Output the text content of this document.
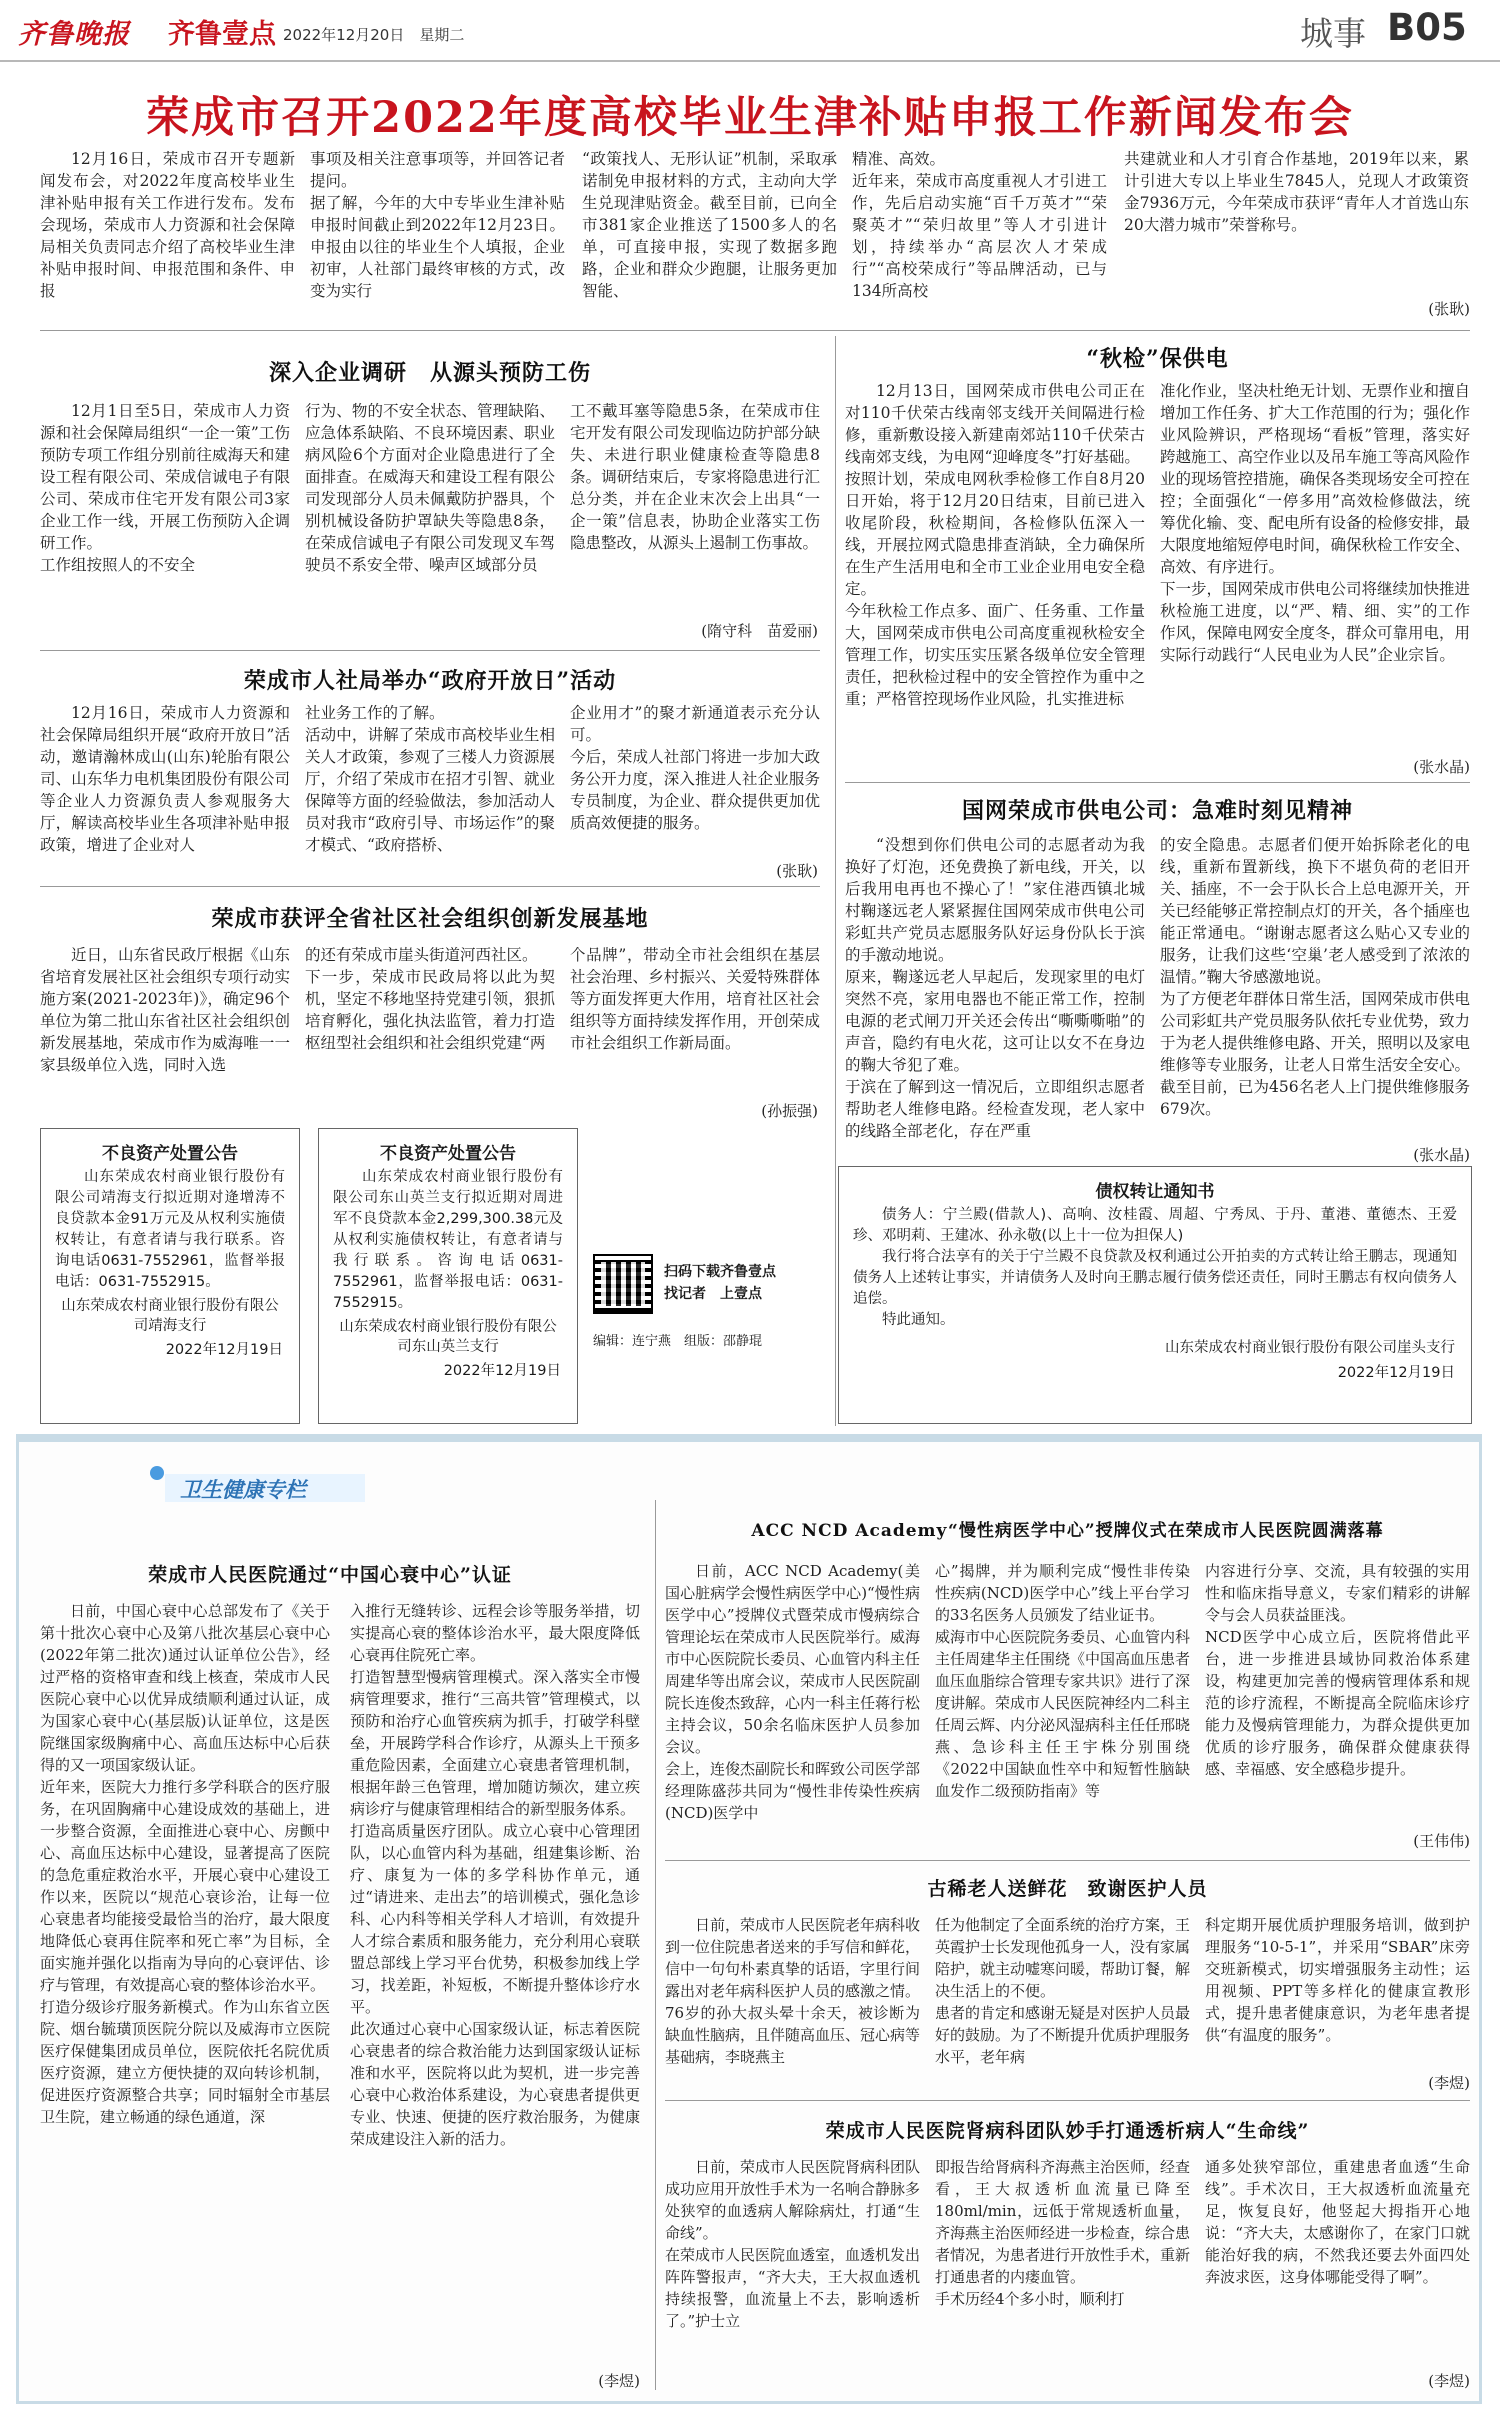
齐鲁晚报 齐鲁壹点 2022年12月20日　星期二	城事 B05
荣成市召开2022年度高校毕业生津补贴申报工作新闻发布会

12月16日，荣成市召开专题新闻发布会，对2022年度高校毕业生津补贴申报有关工作进行发布。发布会现场，荣成市人力资源和社会保障局相关负责同志介绍了高校毕业生津补贴申报时间、申报范围和条件、申报

事项及相关注意事项等，并回答记者提问。
据了解，今年的大中专毕业生津补贴申报时间截止到2022年12月23日。申报由以往的毕业生个人填报，企业初审，人社部门最终审核的方式，改变为实行

“政策找人、无形认证”机制，采取承诺制免申报材料的方式，主动向大学生兑现津贴资金。截至目前，已向全市381家企业推送了1500多人的名单，可直接申报，实现了数据多跑路，企业和群众少跑腿，让服务更加智能、

精准、高效。
近年来，荣成市高度重视人才引进工作，先后启动实施“百千万英才”“荣聚英才”“荣归故里”等人才引进计划，持续举办“高层次人才荣成行”“高校荣成行”等品牌活动，已与134所高校

共建就业和人才引育合作基地，2019年以来，累计引进大专以上毕业生7845人，兑现人才政策资金7936万元，今年荣成市获评“青年人才首选山东20大潜力城市”荣誉称号。

(张耿)
深入企业调研　从源头预防工伤

12月1日至5日，荣成市人力资源和社会保障局组织“一企一策”工伤预防专项工作组分别前往威海天和建设工程有限公司、荣成信诚电子有限公司、荣成市住宅开发有限公司3家企业工作一线，开展工伤预防入企调研工作。
工作组按照人的不安全

行为、物的不安全状态、管理缺陷、应急体系缺陷、不良环境因素、职业病风险6个方面对企业隐患进行了全面排查。在威海天和建设工程有限公司发现部分人员未佩戴防护器具，个别机械设备防护罩缺失等隐患8条，在荣成信诚电子有限公司发现叉车驾驶员不系安全带、噪声区域部分员

工不戴耳塞等隐患5条，在荣成市住宅开发有限公司发现临边防护部分缺失、未进行职业健康检查等隐患8条。调研结束后，专家将隐患进行汇总分类，并在企业末次会上出具“一企一策”信息表，协助企业落实工伤隐患整改，从源头上遏制工伤事故。

(隋守科　苗爱丽)
荣成市人社局举办“政府开放日”活动

12月16日，荣成市人力资源和社会保障局组织开展“政府开放日”活动，邀请瀚林成山(山东)轮胎有限公司、山东华力电机集团股份有限公司等企业人力资源负责人参观服务大厅，解读高校毕业生各项津补贴申报政策，增进了企业对人

社业务工作的了解。
活动中，讲解了荣成市高校毕业生相关人才政策，参观了三楼人力资源展厅，介绍了荣成市在招才引智、就业保障等方面的经验做法，参加活动人员对我市“政府引导、市场运作”的聚才模式、“政府搭桥、

企业用才”的聚才新通道表示充分认可。
今后，荣成人社部门将进一步加大政务公开力度，深入推进人社企业服务专员制度，为企业、群众提供更加优质高效便捷的服务。

(张耿)
荣成市获评全省社区社会组织创新发展基地

近日，山东省民政厅根据《山东省培育发展社区社会组织专项行动实施方案(2021-2023年)》，确定96个单位为第二批山东省社区社会组织创新发展基地，荣成市作为威海唯一一家县级单位入选，同时入选

的还有荣成市崖头街道河西社区。
下一步，荣成市民政局将以此为契机，坚定不移地坚持党建引领，狠抓培育孵化，强化执法监管，着力打造枢纽型社会组织和社会组织党建“两

个品牌”，带动全市社会组织在基层社会治理、乡村振兴、关爱特殊群体等方面发挥更大作用，培育社区社会组织等方面持续发挥作用，开创荣成市社会组织工作新局面。

(孙振强)
不良资产处置公告

山东荣成农村商业银行股份有限公司靖海支行拟近期对逄增涛不良贷款本金91万元及从权利实施债权转让，有意者请与我行联系。咨询电话0631-7552961，监督举报电话：0631-7552915。

山东荣成农村商业银行股份有限公司靖海支行
2022年12月19日
不良资产处置公告

山东荣成农村商业银行股份有限公司东山英兰支行拟近期对周进军不良贷款本金2,299,300.38元及从权利实施债权转让，有意者请与我行联系。咨询电话0631-7552961，监督举报电话：0631-7552915。

山东荣成农村商业银行股份有限公司东山英兰支行
2022年12月19日
扫码下载齐鲁壹点
找记者　上壹点
编辑：连宁燕　组版：邵静琨
“秋检”保供电

12月13日，国网荣成市供电公司正在对110千伏荣古线南邻支线开关间隔进行检修，重新敷设接入新建南郊站110千伏荣古线南郊支线，为电网“迎峰度冬”打好基础。
按照计划，荣成电网秋季检修工作自8月20日开始，将于12月20日结束，目前已进入收尾阶段，秋检期间，各检修队伍深入一线，开展拉网式隐患排查消缺，全力确保所在生产生活用电和全市工业企业用电安全稳定。
今年秋检工作点多、面广、任务重、工作量大，国网荣成市供电公司高度重视秋检安全管理工作，切实压实压紧各级单位安全管理责任，把秋检过程中的安全管控作为重中之重；严格管控现场作业风险，扎实推进标

准化作业，坚决杜绝无计划、无票作业和擅自增加工作任务、扩大工作范围的行为；强化作业风险辨识，严格现场“看板”管理，落实好跨越施工、高空作业以及吊车施工等高风险作业的现场管控措施，确保各类现场安全可控在控；全面强化“一停多用”高效检修做法，统筹优化输、变、配电所有设备的检修安排，最大限度地缩短停电时间，确保秋检工作安全、高效、有序进行。
下一步，国网荣成市供电公司将继续加快推进秋检施工进度，以“严、精、细、实”的工作作风，保障电网安全度冬，群众可靠用电，用实际行动践行“人民电业为人民”企业宗旨。

(张水晶)
国网荣成市供电公司：急难时刻见精神

“没想到你们供电公司的志愿者动为我换好了灯泡，还免费换了新电线，开关，以后我用电再也不操心了！”家住港西镇北城村鞠遂远老人紧紧握住国网荣成市供电公司彩虹共产党员志愿服务队好运身份队长于滨的手激动地说。
原来，鞠遂远老人早起后，发现家里的电灯突然不亮，家用电器也不能正常工作，控制电源的老式闸刀开关还会传出“嘶嘶嘶啪”的声音，隐约有电火花，这可让以女不在身边的鞠大爷犯了难。
于滨在了解到这一情况后，立即组织志愿者帮助老人维修电路。经检查发现，老人家中的线路全部老化，存在严重

的安全隐患。志愿者们便开始拆除老化的电线，重新布置新线，换下不堪负荷的老旧开关、插座，不一会于队长合上总电源开关，开关已经能够正常控制点灯的开关，各个插座也能正常通电。“谢谢志愿者这么贴心又专业的服务，让我们这些‘空巢’老人感受到了浓浓的温情。”鞠大爷感激地说。
为了方便老年群体日常生活，国网荣成市供电公司彩虹共产党员服务队依托专业优势，致力于为老人提供维修电路、开关，照明以及家电维修等专业服务，让老人日常生活安全安心。截至目前，已为456名老人上门提供维修服务679次。

(张水晶)
债权转让通知书

债务人：宁兰殿(借款人)、高响、汝桂霞、周超、宁秀凤、于丹、董港、董德杰、王爱珍、邓明莉、王建冰、孙永敬(以上十一位为担保人)

我行将合法享有的关于宁兰殿不良贷款及权利通过公开拍卖的方式转让给王鹏志，现通知债务人上述转让事实，并请债务人及时向王鹏志履行债务偿还责任，同时王鹏志有权向债务人追偿。

特此通知。

山东荣成农村商业银行股份有限公司崖头支行
2022年12月19日
卫生健康专栏
荣成市人民医院通过“中国心衰中心”认证

日前，中国心衰中心总部发布了《关于第十批次心衰中心及第八批次基层心衰中心(2022年第二批次)通过认证单位公告》，经过严格的资格审查和线上核查，荣成市人民医院心衰中心以优异成绩顺利通过认证，成为国家心衰中心(基层版)认证单位，这是医院继国家级胸痛中心、高血压达标中心后获得的又一项国家级认证。
近年来，医院大力推行多学科联合的医疗服务，在巩固胸痛中心建设成效的基础上，进一步整合资源，全面推进心衰中心、房颤中心、高血压达标中心建设，显著提高了医院的急危重症救治水平，开展心衰中心建设工作以来，医院以“规范心衰诊治，让每一位心衰患者均能接受最恰当的治疗，最大限度地降低心衰再住院率和死亡率”为目标，全面实施并强化以指南为导向的心衰评估、诊疗与管理，有效提高心衰的整体诊治水平。
打造分级诊疗服务新模式。作为山东省立医院、烟台毓璜顶医院分院以及威海市立医院医疗保健集团成员单位，医院依托名院优质医疗资源，建立方便快捷的双向转诊机制，促进医疗资源整合共享；同时辐射全市基层卫生院，建立畅通的绿色通道，深

入推行无缝转诊、远程会诊等服务举措，切实提高心衰的整体诊治水平，最大限度降低心衰再住院死亡率。
打造智慧型慢病管理模式。深入落实全市慢病管理要求，推行“三高共管”管理模式，以预防和治疗心血管疾病为抓手，打破学科壁垒，开展跨学科合作诊疗，从源头上干预多重危险因素，全面建立心衰患者管理机制，根据年龄三色管理，增加随访频次，建立疾病诊疗与健康管理相结合的新型服务体系。
打造高质量医疗团队。成立心衰中心管理团队，以心血管内科为基础，组建集诊断、治疗、康复为一体的多学科协作单元，通过“请进来、走出去”的培训模式，强化急诊科、心内科等相关学科人才培训，有效提升人才综合素质和服务能力，充分利用心衰联盟总部线上学习平台优势，积极参加线上学习，找差距，补短板，不断提升整体诊疗水平。
此次通过心衰中心国家级认证，标志着医院心衰患者的综合救治能力达到国家级认证标准和水平，医院将以此为契机，进一步完善心衰中心救治体系建设，为心衰患者提供更专业、快速、便捷的医疗救治服务，为健康荣成建设注入新的活力。

(李煜)
ACC NCD Academy“慢性病医学中心”授牌仪式在荣成市人民医院圆满落幕

日前，ACC NCD Academy(美国心脏病学会慢性病医学中心)“慢性病医学中心”授牌仪式暨荣成市慢病综合管理论坛在荣成市人民医院举行。威海市中心医院院长委员、心血管内科主任周建华等出席会议，荣成市人民医院副院长连俊杰致辞，心内一科主任蒋行松主持会议，50余名临床医护人员参加会议。
会上，连俊杰副院长和晖致公司医学部经理陈盛莎共同为“慢性非传染性疾病(NCD)医学中

心”揭牌，并为顺利完成“慢性非传染性疾病(NCD)医学中心”线上平台学习的33名医务人员颁发了结业证书。
威海市中心医院院务委员、心血管内科主任周建华主任围绕《中国高血压患者血压血脂综合管理专家共识》进行了深度讲解。荣成市人民医院神经内二科主任周云辉、内分泌风湿病科主任任邢晓燕、急诊科主任王宇株分别围绕《2022中国缺血性卒中和短暂性脑缺血发作二级预防指南》等

内容进行分享、交流，具有较强的实用性和临床指导意义，专家们精彩的讲解令与会人员获益匪浅。
NCD医学中心成立后，医院将借此平台，进一步推进县域协同救治体系建设，构建更加完善的慢病管理体系和规范的诊疗流程，不断提高全院临床诊疗能力及慢病管理能力，为群众提供更加优质的诊疗服务，确保群众健康获得感、幸福感、安全感稳步提升。

(王伟伟)
古稀老人送鲜花　致谢医护人员

日前，荣成市人民医院老年病科收到一位住院患者送来的手写信和鲜花，信中一句句朴素真挚的话语，字里行间露出对老年病科医护人员的感激之情。
76岁的孙大叔头晕十余天，被诊断为缺血性脑病，且伴随高血压、冠心病等基础病，李晓燕主

任为他制定了全面系统的治疗方案，王英霞护士长发现他孤身一人，没有家属陪护，就主动嘘寒问暖，帮助订餐，解决生活上的不便。
患者的肯定和感谢无疑是对医护人员最好的鼓励。为了不断提升优质护理服务水平，老年病

科定期开展优质护理服务培训，做到护理服务“10-5-1”，并采用“SBAR”床旁交班新模式，切实增强服务主动性；运用视频、PPT等多样化的健康宣教形式，提升患者健康意识，为老年患者提供“有温度的服务”。

(李煜)
荣成市人民医院肾病科团队妙手打通透析病人“生命线”

日前，荣成市人民医院肾病科团队成功应用开放性手术为一名响合静脉多处狭窄的血透病人解除病灶，打通“生命线”。
在荣成市人民医院血透室，血透机发出阵阵警报声，“齐大夫，王大叔血透机持续报警，血流量上不去，影响透析了。”护士立

即报告给肾病科齐海燕主治医师，经查看，王大叔透析血流量已降至180ml/min，远低于常规透析血量，齐海燕主治医师经进一步检查，综合患者情况，为患者进行开放性手术，重新打通患者的内瘘血管。
手术历经4个多小时，顺利打

通多处狭窄部位，重建患者血透“生命线”。手术次日，王大叔透析血流量充足，恢复良好，他竖起大拇指开心地说：“齐大夫，太感谢你了，在家门口就能治好我的病，不然我还要去外面四处奔波求医，这身体哪能受得了啊”。

(李煜)
